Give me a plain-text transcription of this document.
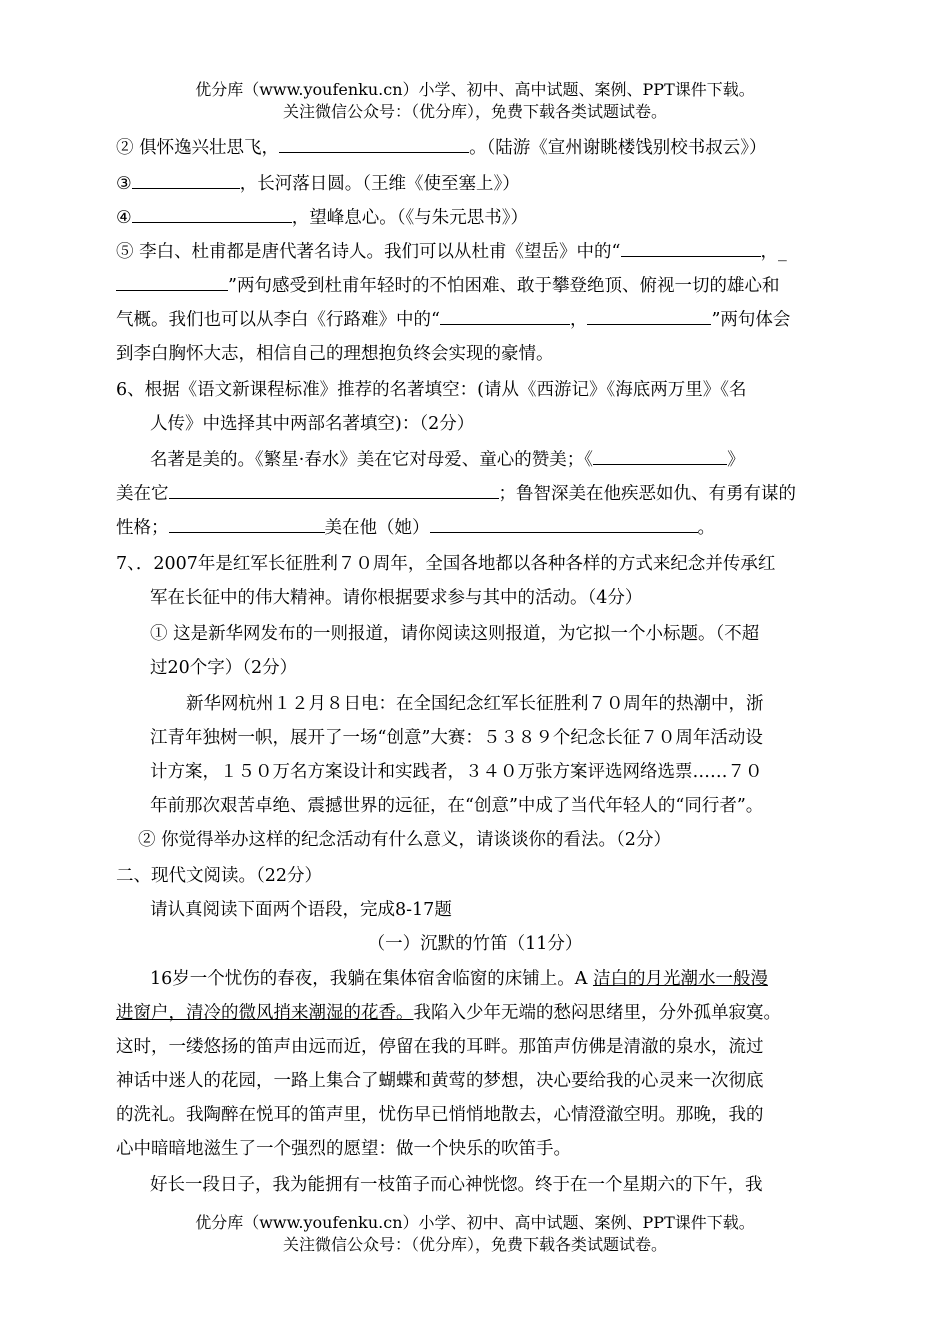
优分库（www.youfenku.cn）小学、初中、高中试题、案例、PPT课件下载。
关注微信公众号：（优分库），免费下载各类试题试卷。
② 俱怀逸兴壮思飞，	。（陆游《宣州谢眺楼饯别校书叔云》）
③	，长河落日圆。（王维《使至塞上》）
④	，望峰息心。（《与朱元思书》）
⑤ 李白、杜甫都是唐代著名诗人。我们可以从杜甫《望岳》中的“	，_
”两句感受到杜甫年轻时的不怕困难、敢于攀登绝顶、俯视一切的雄心和
气概。我们也可以从李白《行路难》中的“	，	”两句体会
到李白胸怀大志，相信自己的理想抱负终会实现的豪情。
6、根据《语文新课程标准》推荐的名著填空：(请从《西游记》《海底两万里》《名
人传》中选择其中两部名著填空)：（2分）
名著是美的。《繁星·春水》美在它对母爱、童心的赞美；《	》
美在它	；鲁智深美在他疾恶如仇、有勇有谋的
性格；	美在他（她）	。
7、．2007年是红军长征胜利７０周年，全国各地都以各种各样的方式来纪念并传承红
军在长征中的伟大精神。请你根据要求参与其中的活动。（4分）
① 这是新华网发布的一则报道，请你阅读这则报道，为它拟一个小标题。（不超
过20个字）（2分）
新华网杭州１２月８日电：在全国纪念红军长征胜利７０周年的热潮中，浙
江青年独树一帜，展开了一场“创意”大赛：５３８９个纪念长征７０周年活动设
计方案，１５０万名方案设计和实践者，３４０万张方案评选网络选票……７０
年前那次艰苦卓绝、震撼世界的远征，在“创意”中成了当代年轻人的“同行者”。
② 你觉得举办这样的纪念活动有什么意义，请谈谈你的看法。（2分）
二、现代文阅读。（22分）
请认真阅读下面两个语段，完成8-17题
（一）沉默的竹笛（11分）
16岁一个忧伤的春夜，我躺在集体宿舍临窗的床铺上。A 洁白的月光潮水一般漫
进窗户，清冷的微风捎来潮湿的花香。我陷入少年无端的愁闷思绪里，分外孤单寂寞。
这时，一缕悠扬的笛声由远而近，停留在我的耳畔。那笛声仿佛是清澈的泉水，流过
神话中迷人的花园，一路上集合了蝴蝶和黄莺的梦想，决心要给我的心灵来一次彻底
的洗礼。我陶醉在悦耳的笛声里，忧伤早已悄悄地散去，心情澄澈空明。那晚，我的
心中暗暗地滋生了一个强烈的愿望：做一个快乐的吹笛手。
好长一段日子，我为能拥有一枝笛子而心神恍惚。终于在一个星期六的下午，我
优分库（www.youfenku.cn）小学、初中、高中试题、案例、PPT课件下载。
关注微信公众号：（优分库），免费下载各类试题试卷。
